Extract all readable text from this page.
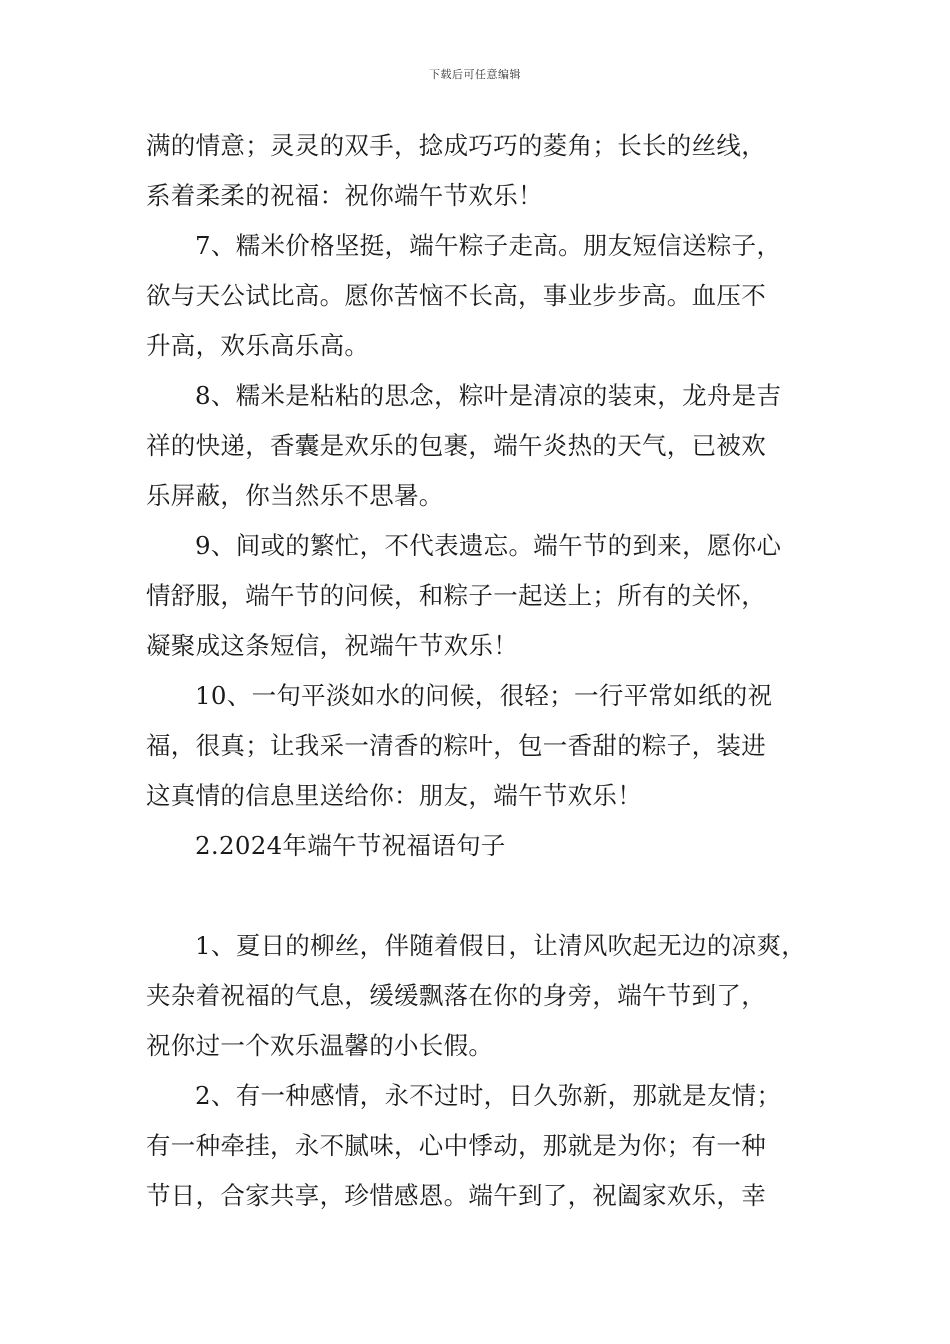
下载后可任意编辑
满的情意；灵灵的双手，捻成巧巧的菱角；长长的丝线，
系着柔柔的祝福：祝你端午节欢乐！
7、糯米价格坚挺，端午粽子走高。朋友短信送粽子，
欲与天公试比高。愿你苦恼不长高，事业步步高。血压不
升高，欢乐高乐高。
8、糯米是粘粘的思念，粽叶是清凉的装束，龙舟是吉
祥的快递，香囊是欢乐的包裹，端午炎热的天气，已被欢
乐屏蔽，你当然乐不思暑。
9、间或的繁忙，不代表遗忘。端午节的到来，愿你心
情舒服，端午节的问候，和粽子一起送上；所有的关怀，
凝聚成这条短信，祝端午节欢乐！
10、一句平淡如水的问候，很轻；一行平常如纸的祝
福，很真；让我采一清香的粽叶，包一香甜的粽子，装进
这真情的信息里送给你：朋友，端午节欢乐！
2.2024年端午节祝福语句子
1、夏日的柳丝，伴随着假日，让清风吹起无边的凉爽，
夹杂着祝福的气息，缓缓飘落在你的身旁，端午节到了，
祝你过一个欢乐温馨的小长假。
2、有一种感情，永不过时，日久弥新，那就是友情；
有一种牵挂，永不腻味，心中悸动，那就是为你；有一种
节日，合家共享，珍惜感恩。端午到了，祝阖家欢乐，幸
